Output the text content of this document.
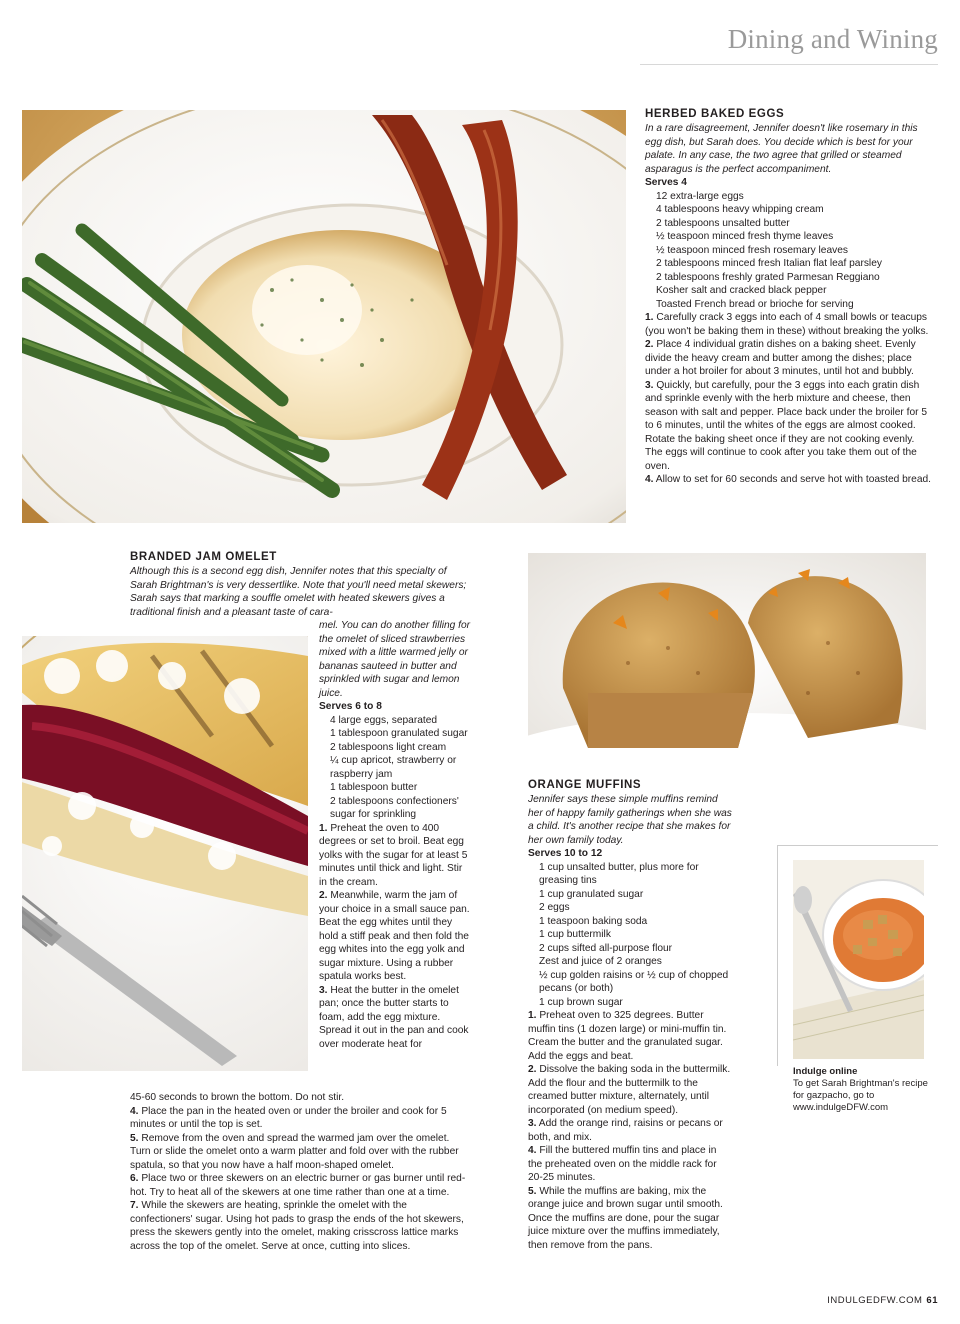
Dining and Wining
HERBED BAKED EGGS

In a rare disagreement, Jennifer doesn't like rosemary in this egg dish, but Sarah does. You decide which is best for your palate. In any case, the two agree that grilled or steamed asparagus is the perfect accompaniment.

Serves 4

12 extra-large eggs
4 tablespoons heavy whipping cream
2 tablespoons unsalted butter
½ teaspoon minced fresh thyme leaves
½ teaspoon minced fresh rosemary leaves
2 tablespoons minced fresh Italian flat leaf parsley
2 tablespoons freshly grated Parmesan Reggiano
Kosher salt and cracked black pepper
Toasted French bread or brioche for serving

1. Carefully crack 3 eggs into each of 4 small bowls or teacups (you won't be baking them in these) without breaking the yolks.

2. Place 4 individual gratin dishes on a baking sheet. Evenly divide the heavy cream and butter among the dishes; place under a hot broiler for about 3 minutes, until hot and bubbly.

3. Quickly, but carefully, pour the 3 eggs into each gratin dish and sprinkle evenly with the herb mixture and cheese, then season with salt and pepper. Place back under the broiler for 5 to 6 minutes, until the whites of the eggs are almost cooked. Rotate the baking sheet once if they are not cooking evenly. The eggs will continue to cook after you take them out of the oven.

4. Allow to set for 60 seconds and serve hot with toasted bread.

BRANDED JAM OMELET

Although this is a second egg dish, Jennifer notes that this specialty of Sarah Brightman's is very dessertlike. Note that you'll need metal skewers; Sarah says that marking a souffle omelet with heated skewers gives a traditional finish and a pleasant taste of cara-

mel. You can do another filling for the omelet of sliced strawberries mixed with a little warmed jelly or bananas sauteed in butter and sprinkled with sugar and lemon juice.

Serves 6 to 8

4 large eggs, separated
1 tablespoon granulated sugar
2 tablespoons light cream
¼ cup apricot, strawberry or raspberry jam
1 tablespoon butter
2 tablespoons confectioners' sugar for sprinkling

1. Preheat the oven to 400 degrees or set to broil. Beat egg yolks with the sugar for at least 5 minutes until thick and light. Stir in the cream.

2. Meanwhile, warm the jam of your choice in a small sauce pan. Beat the egg whites until they hold a stiff peak and then fold the egg whites into the egg yolk and sugar mixture. Using a rubber spatula works best.

3. Heat the butter in the omelet pan; once the butter starts to foam, add the egg mixture. Spread it out in the pan and cook over moderate heat for

45-60 seconds to brown the bottom. Do not stir.

4. Place the pan in the heated oven or under the broiler and cook for 5 minutes or until the top is set.

5. Remove from the oven and spread the warmed jam over the omelet. Turn or slide the omelet onto a warm platter and fold over with the rubber spatula, so that you now have a half moon-shaped omelet.

6. Place two or three skewers on an electric burner or gas burner until red-hot. Try to heat all of the skewers at one time rather than one at a time.

7. While the skewers are heating, sprinkle the omelet with the confectioners' sugar. Using hot pads to grasp the ends of the hot skewers, press the skewers gently into the omelet, making crisscross lattice marks across the top of the omelet. Serve at once, cutting into slices.

ORANGE MUFFINS

Jennifer says these simple muffins remind her of happy family gatherings when she was a child. It's another recipe that she makes for her own family today.

Serves 10 to 12

1 cup unsalted butter, plus more for greasing tins
1 cup granulated sugar
2 eggs
1 teaspoon baking soda
1 cup buttermilk
2 cups sifted all-purpose flour
Zest and juice of 2 oranges
½ cup golden raisins or ½ cup of chopped pecans (or both)
1 cup brown sugar

1. Preheat oven to 325 degrees. Butter muffin tins (1 dozen large) or mini-muffin tin. Cream the butter and the granulated sugar. Add the eggs and beat.

2. Dissolve the baking soda in the buttermilk. Add the flour and the buttermilk to the creamed butter mixture, alternately, until incorporated (on medium speed).

3. Add the orange rind, raisins or pecans or both, and mix.

4. Fill the buttered muffin tins and place in the preheated oven on the middle rack for 20-25 minutes.

5. While the muffins are baking, mix the orange juice and brown sugar until smooth. Once the muffins are done, pour the sugar juice mixture over the muffins immediately, then remove from the pans.

Indulge online
To get Sarah Brightman's recipe for gazpacho, go to
www.indulgeDFW.com
INDULGEDFW.COM 61
